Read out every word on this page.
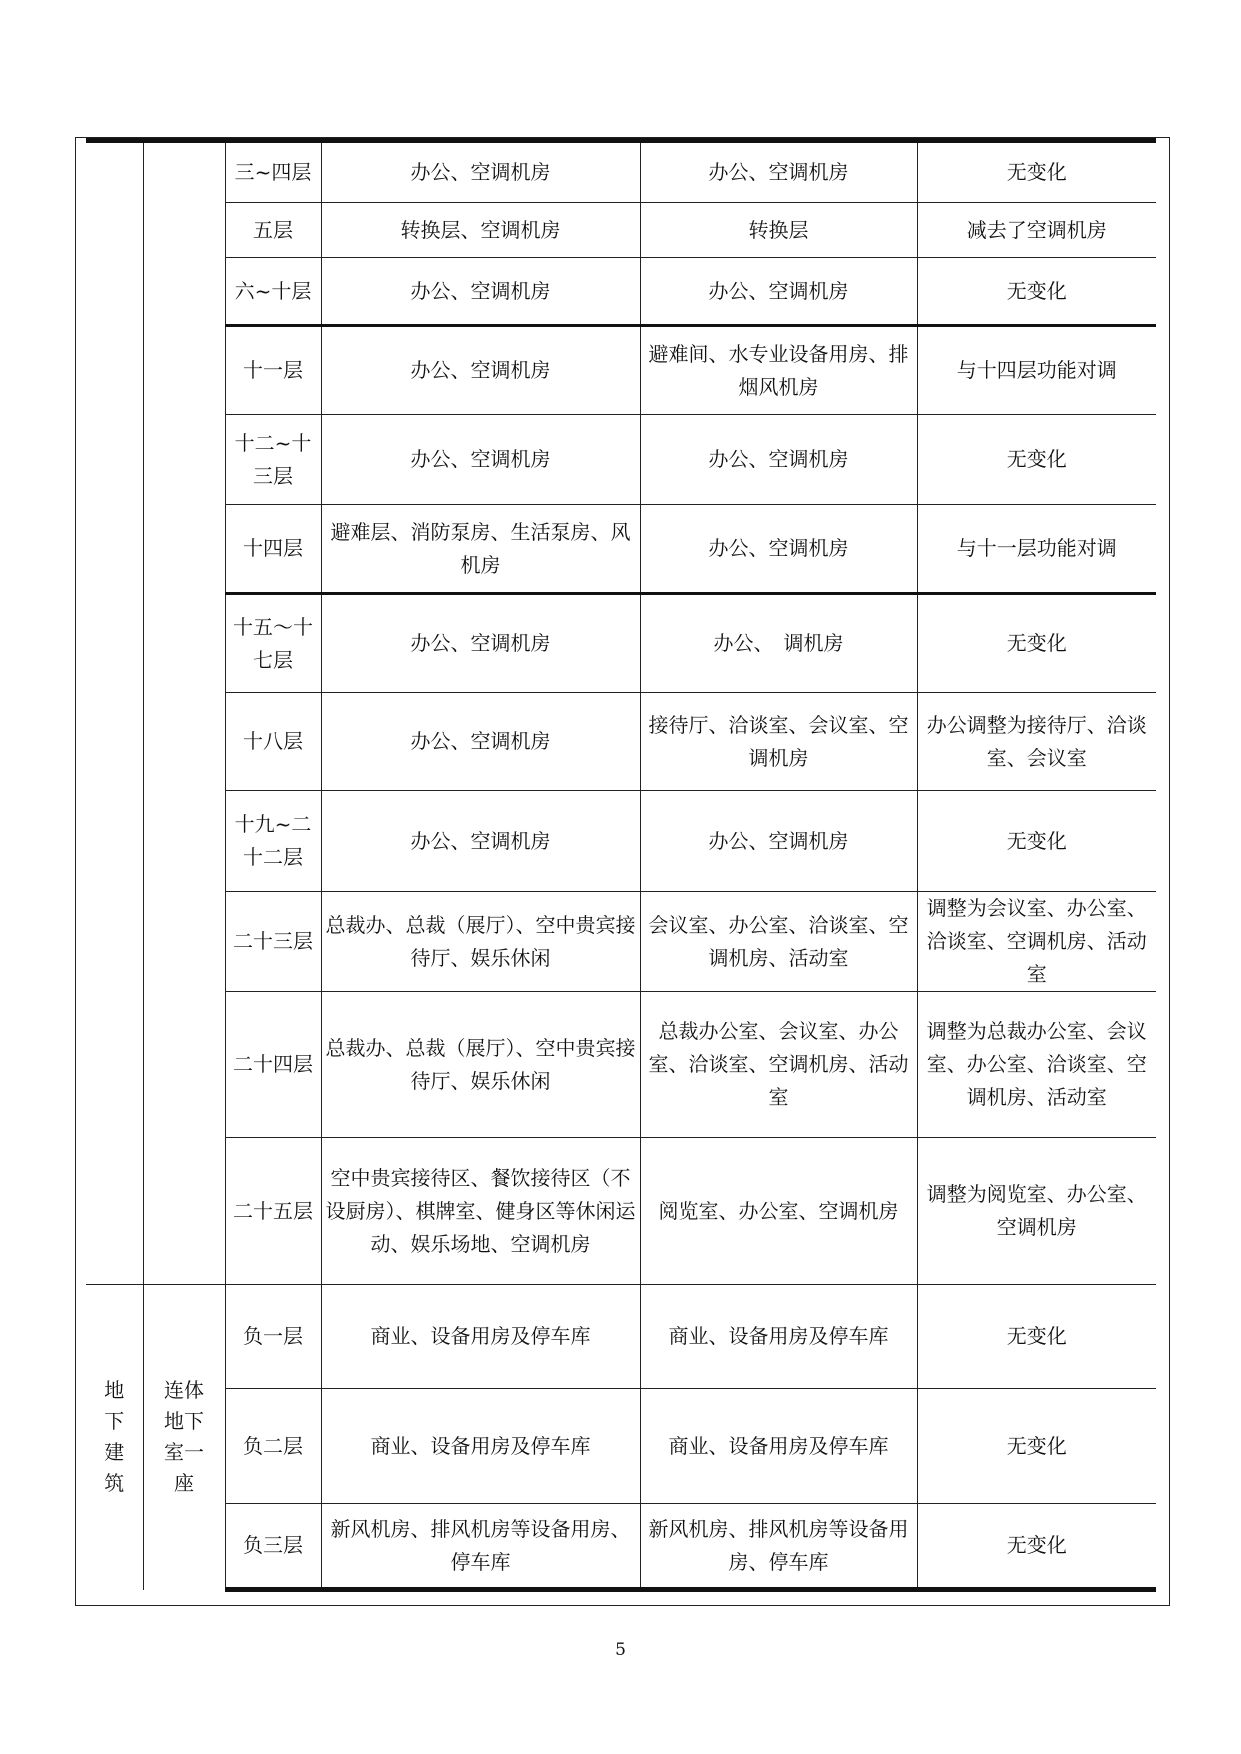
		三~四层	办公、空调机房	办公、空调机房	无变化
		五层	转换层、空调机房	转换层	减去了空调机房
		六~十层	办公、空调机房	办公、空调机房	无变化
		十一层	办公、空调机房	避难间、水专业设备用房、排烟风机房	与十四层功能对调
		十二~十三层	办公、空调机房	办公、空调机房	无变化
		十四层	避难层、消防泵房、生活泵房、风机房	办公、空调机房	与十一层功能对调
		十五～十七层	办公、空调机房	办公、　调机房	无变化
		十八层	办公、空调机房	接待厅、洽谈室、会议室、空调机房	办公调整为接待厅、洽谈室、会议室
		十九~二十二层	办公、空调机房	办公、空调机房	无变化
		二十三层	总裁办、总裁（展厅）、空中贵宾接待厅、娱乐休闲	会议室、办公室、洽谈室、空调机房、活动室	调整为会议室、办公室、洽谈室、空调机房、活动室
		二十四层	总裁办、总裁（展厅）、空中贵宾接待厅、娱乐休闲	总裁办公室、会议室、办公室、洽谈室、空调机房、活动室	调整为总裁办公室、会议室、办公室、洽谈室、空调机房、活动室
		二十五层	空中贵宾接待区、餐饮接待区（不设厨房）、棋牌室、健身区等休闲运动、娱乐场地、空调机房	阅览室、办公室、空调机房	调整为阅览室、办公室、空调机房
地下建筑	连体地下室一座	负一层	商业、设备用房及停车库	商业、设备用房及停车库	无变化
		负二层	商业、设备用房及停车库	商业、设备用房及停车库	无变化
		负三层	新风机房、排风机房等设备用房、停车库	新风机房、排风机房等设备用房、停车库	无变化
5
